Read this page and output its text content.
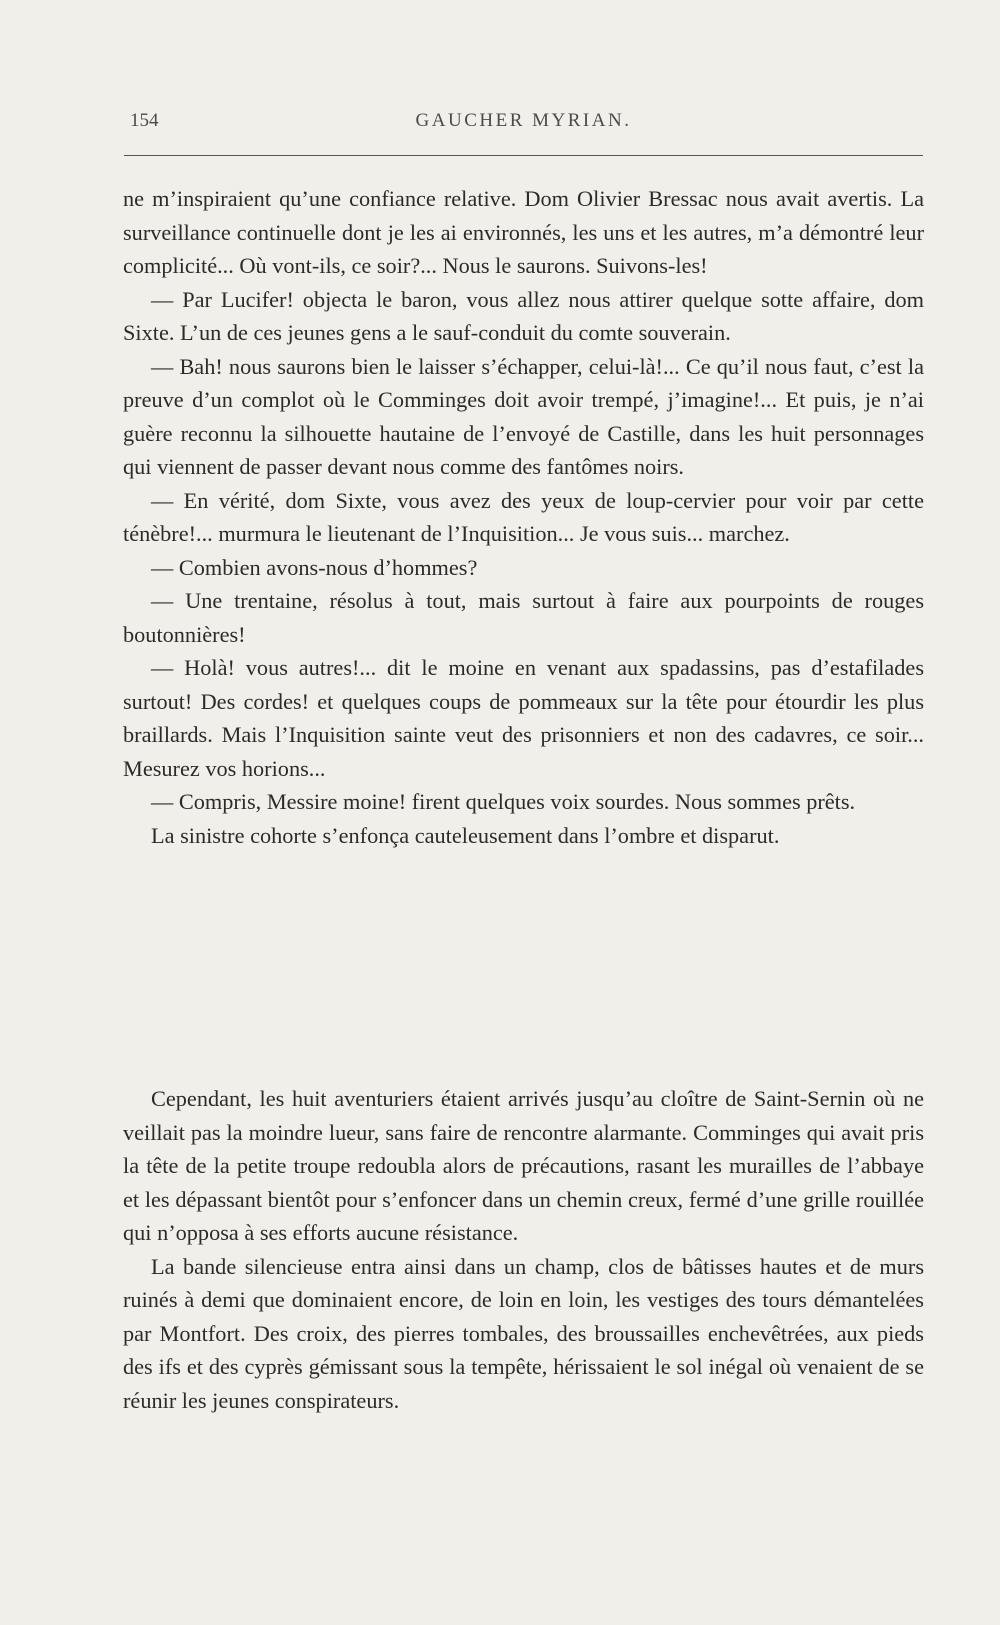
154	GAUCHER MYRIAN.

ne m’inspiraient qu’une confiance relative. Dom Olivier Bressac nous avait avertis. La surveillance continuelle dont je les ai environnés, les uns et les autres, m’a démontré leur complicité... Où vont-ils, ce soir?... Nous le saurons. Suivons-les!

— Par Lucifer! objecta le baron, vous allez nous attirer quelque sotte affaire, dom Sixte. L’un de ces jeunes gens a le sauf-conduit du comte souverain.

— Bah! nous saurons bien le laisser s’échapper, celui-là!... Ce qu’il nous faut, c’est la preuve d’un complot où le Comminges doit avoir trempé, j’imagine!... Et puis, je n’ai guère reconnu la silhouette hautaine de l’envoyé de Castille, dans les huit personnages qui viennent de passer devant nous comme des fantômes noirs.

— En vérité, dom Sixte, vous avez des yeux de loup-cervier pour voir par cette ténèbre!... murmura le lieutenant de l’Inquisition... Je vous suis... marchez.

— Combien avons-nous d’hommes?

— Une trentaine, résolus à tout, mais surtout à faire aux pourpoints de rouges boutonnières!

— Holà! vous autres!... dit le moine en venant aux spadassins, pas d’estafilades surtout! Des cordes! et quelques coups de pommeaux sur la tête pour étourdir les plus braillards. Mais l’Inquisition sainte veut des prisonniers et non des cadavres, ce soir... Mesurez vos horions...

— Compris, Messire moine! firent quelques voix sourdes. Nous sommes prêts.

La sinistre cohorte s’enfonça cauteleusement dans l’ombre et disparut.

Cependant, les huit aventuriers étaient arrivés jusqu’au cloître de Saint-Sernin où ne veillait pas la moindre lueur, sans faire de rencontre alarmante. Comminges qui avait pris la tête de la petite troupe redoubla alors de précautions, rasant les murailles de l’abbaye et les dépassant bientôt pour s’enfoncer dans un chemin creux, fermé d’une grille rouillée qui n’opposa à ses efforts aucune résistance.

La bande silencieuse entra ainsi dans un champ, clos de bâtisses hautes et de murs ruinés à demi que dominaient encore, de loin en loin, les vestiges des tours démantelées par Montfort. Des croix, des pierres tombales, des broussailles enchevêtrées, aux pieds des ifs et des cyprès gémissant sous la tempête, hérissaient le sol inégal où venaient de se réunir les jeunes conspirateurs.
